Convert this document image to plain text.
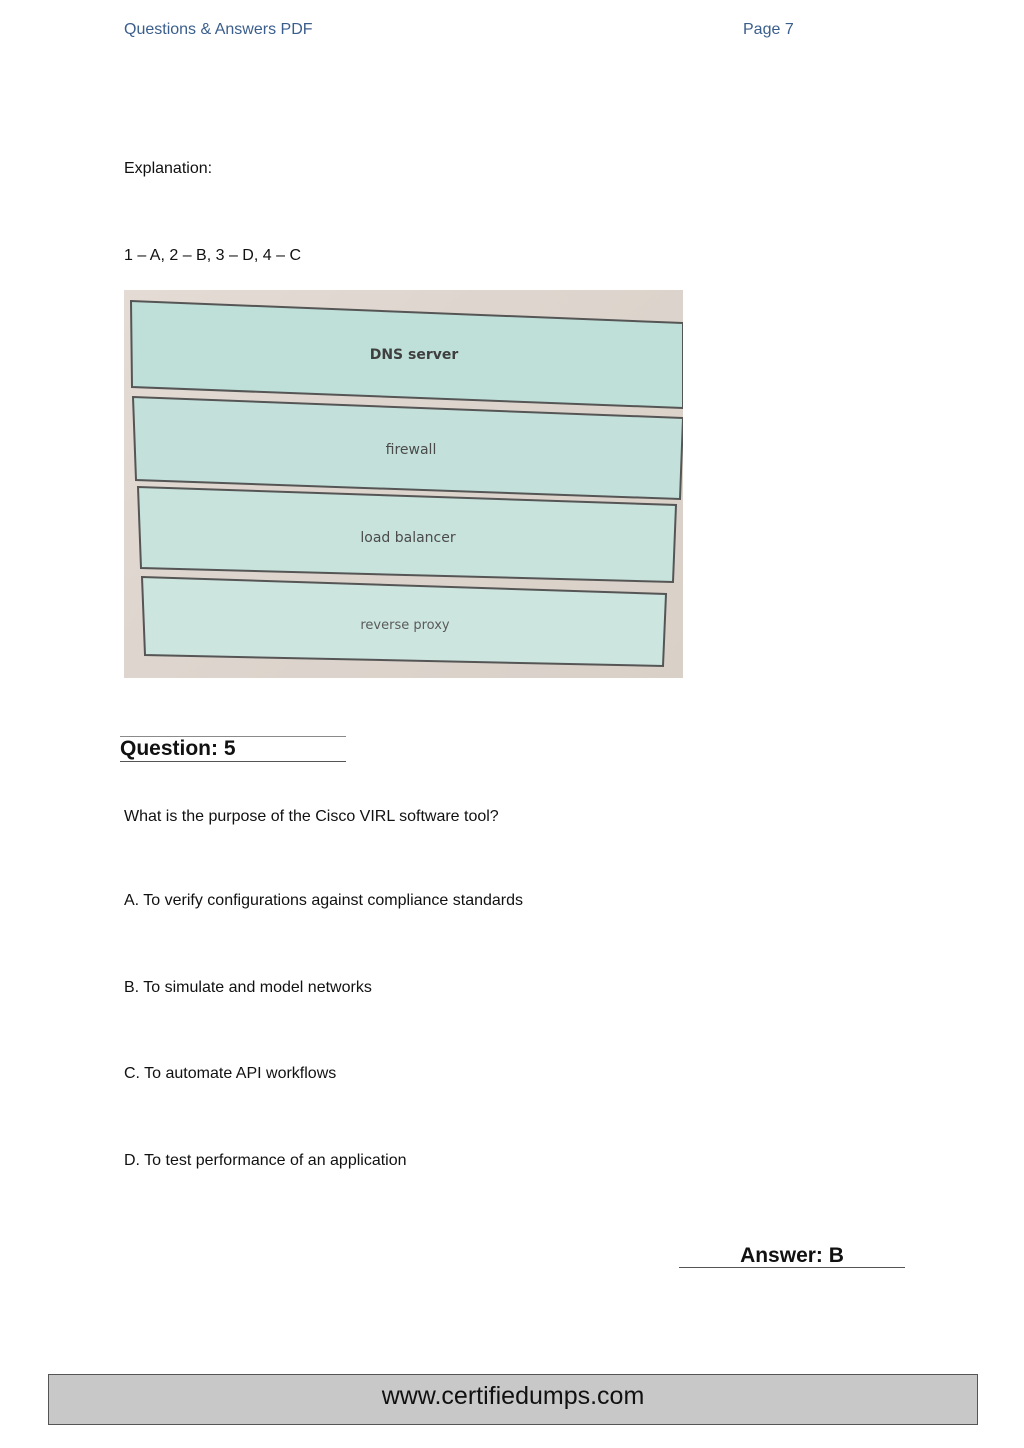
Questions & Answers PDF	Page 7
Explanation:
1 – A, 2 – B, 3 – D, 4 – C
DNS server
firewall
load balancer
reverse proxy
Question: 5
What is the purpose of the Cisco VIRL software tool?
A. To verify configurations against compliance standards
B. To simulate and model networks
C. To automate API workflows
D. To test performance of an application
Answer: B
www.certifiedumps.com
